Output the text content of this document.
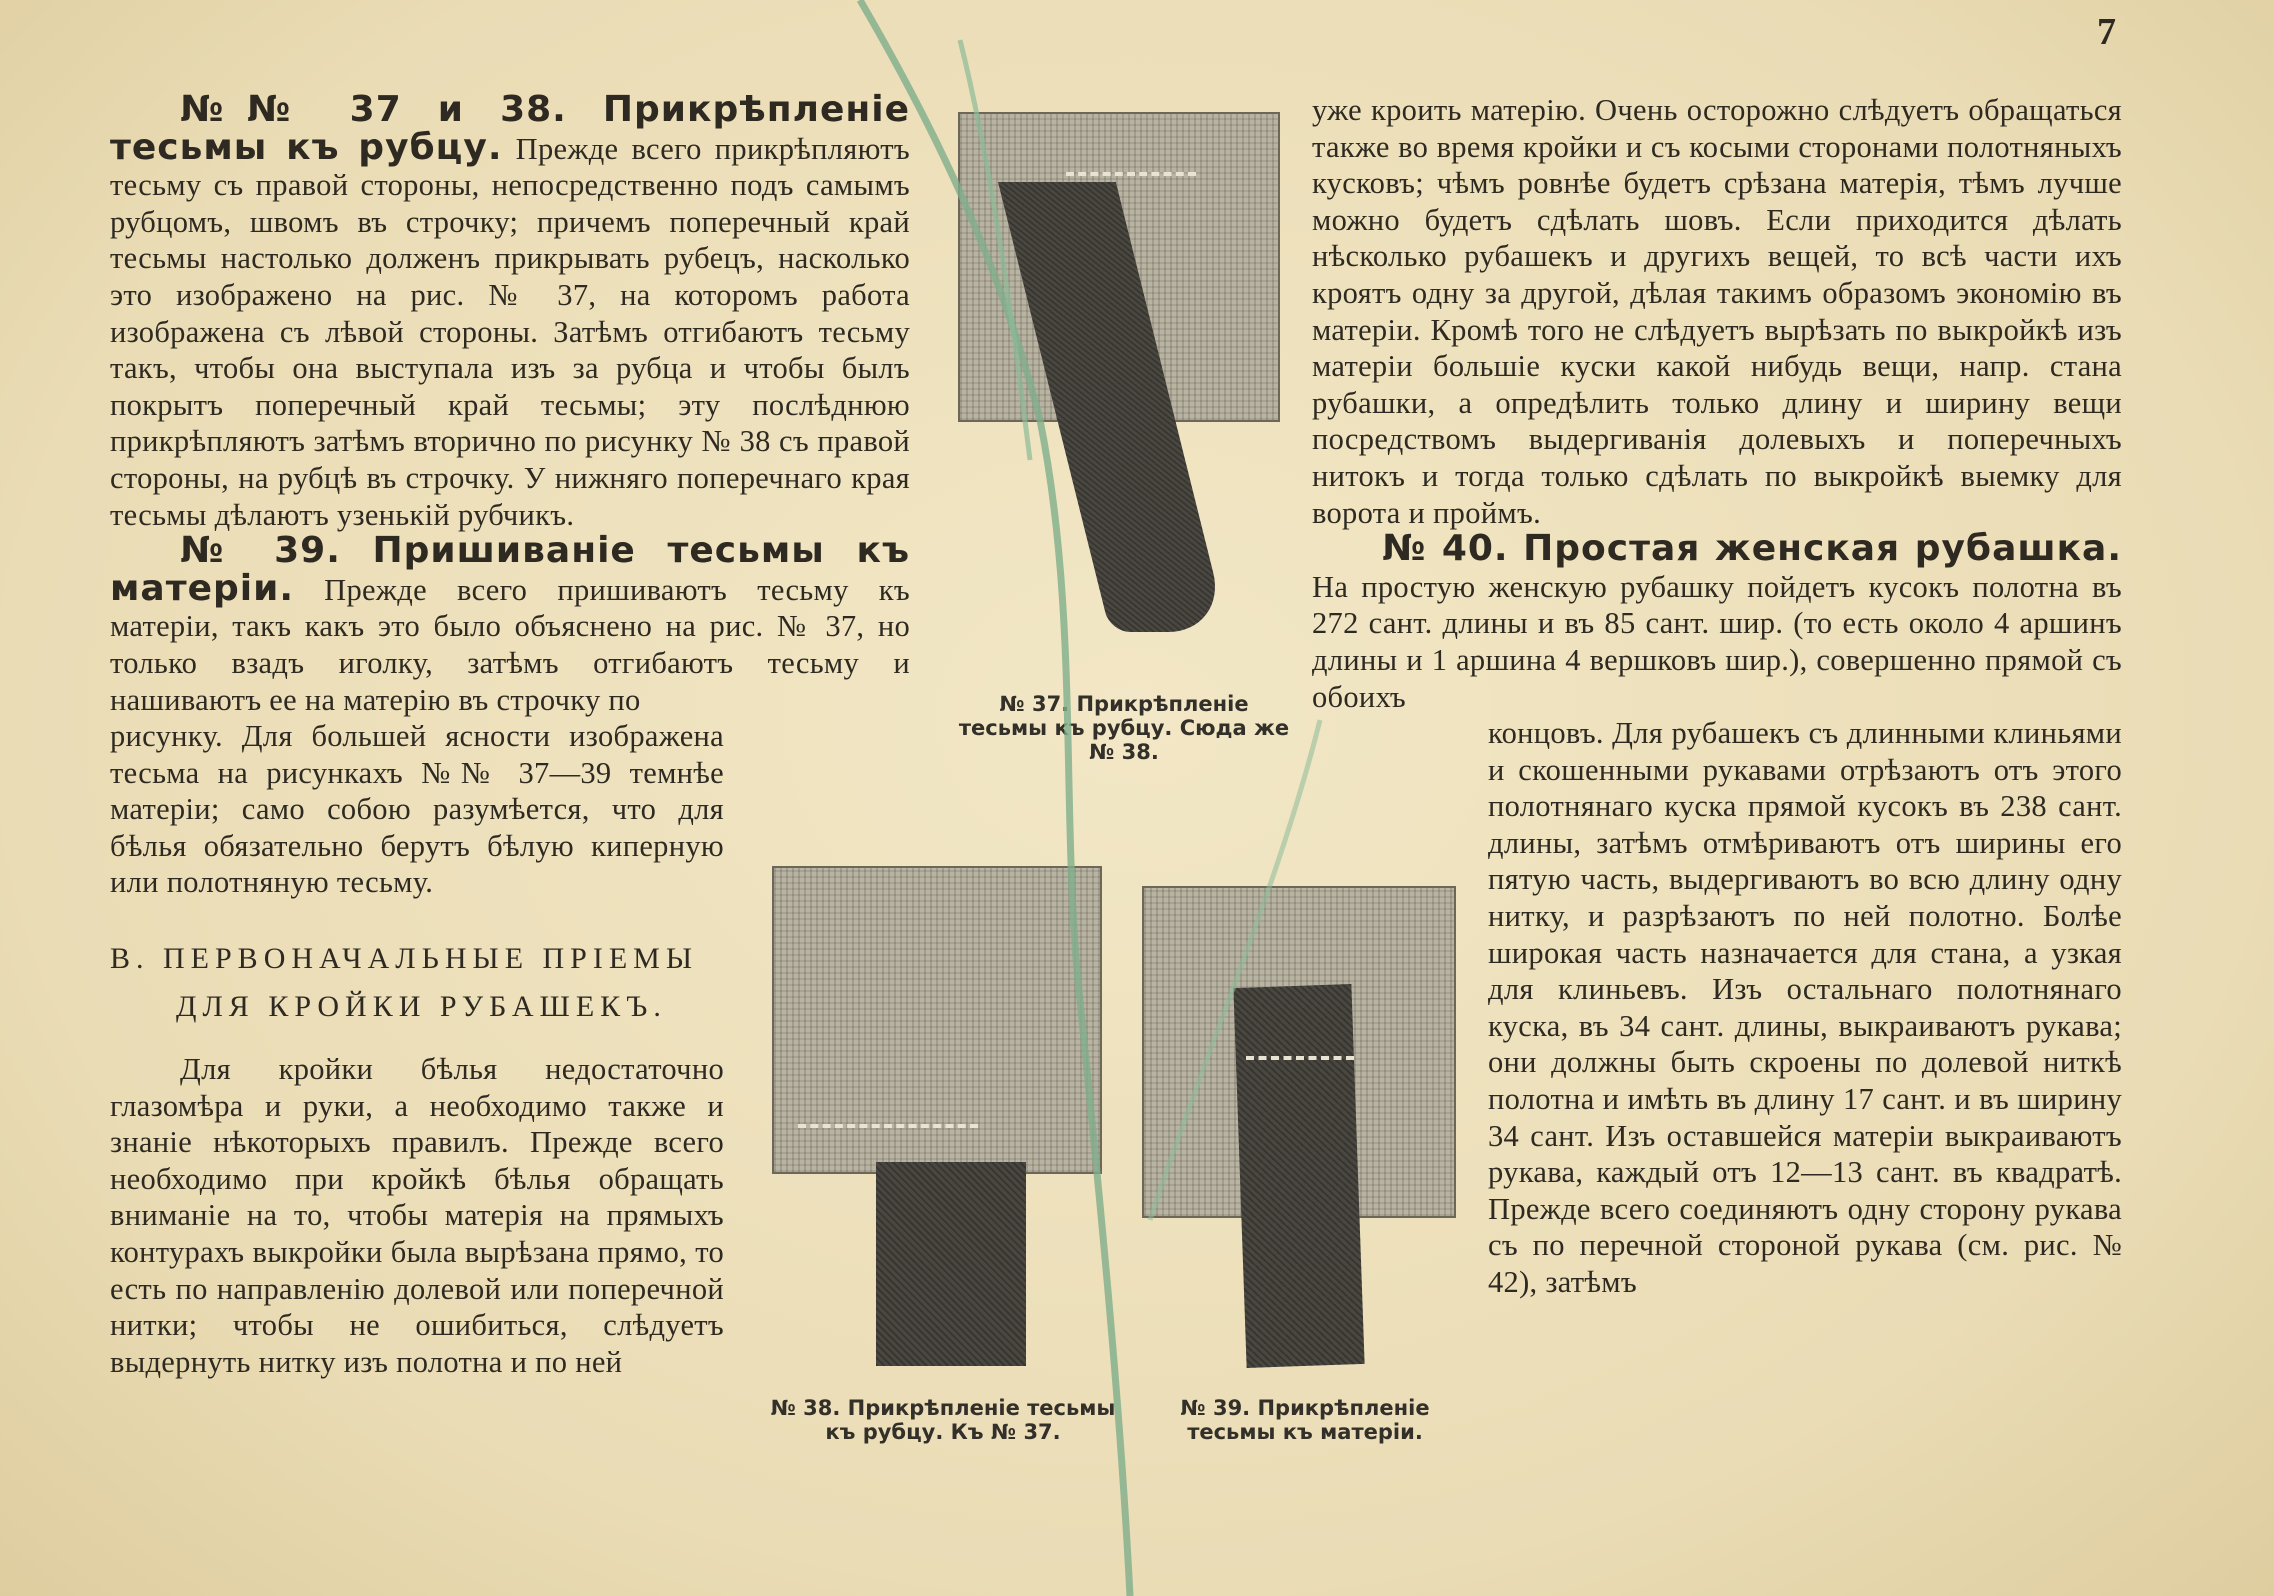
7

№№ 37 и 38. Прикрѣпленіе тесьмы къ рубцу. Прежде всего прикрѣпляютъ тесьму съ правой стороны, непосредственно подъ самымъ рубцомъ, швомъ въ строчку; причемъ поперечный край тесьмы настолько долженъ прикрывать рубецъ, насколько это изображено на рис. № 37, на которомъ работа изображена съ лѣвой стороны. Затѣмъ отгибаютъ тесьму такъ, чтобы она выступала изъ за рубца и чтобы былъ покрытъ поперечный край тесьмы; эту послѣднюю прикрѣпляютъ затѣмъ вторично по рисунку № 38 съ правой стороны, на рубцѣ въ строчку. У нижняго поперечнаго края тесьмы дѣлаютъ узенькій рубчикъ.

№ 39. Пришиваніе тесьмы къ матеріи. Прежде всего пришиваютъ тесьму къ матеріи, такъ какъ это было объяснено на рис. № 37, но только взадъ иголку, затѣмъ отгибаютъ тесьму и нашиваютъ ее на матерію въ строчку по

рисунку. Для большей ясности изображена тесьма на рисункахъ №№ 37—39 темнѣе матеріи; само собою разумѣется, что для бѣлья обязательно берутъ бѣлую киперную или полотняную тесьму.

B. ПЕРВОНАЧАЛЬНЫЕ ПРІЕМЫ
ДЛЯ КРОЙКИ РУБАШЕКЪ.

Для кройки бѣлья недостаточно глазомѣра и руки, а необходимо также и знаніе нѣкоторыхъ правилъ. Прежде всего необходимо при кройкѣ бѣлья обращать вниманіе на то, чтобы матерія на прямыхъ контурахъ выкройки была вырѣзана прямо, то есть по направленію долевой или поперечной нитки; чтобы не ошибиться, слѣдуетъ выдернуть нитку изъ полотна и по ней

уже кроить матерію. Очень осторожно слѣдуетъ обращаться также во время кройки и съ косыми сторонами полотняныхъ кусковъ; чѣмъ ровнѣе будетъ срѣзана матерія, тѣмъ лучше можно будетъ сдѣлать шовъ. Если приходится дѣлать нѣсколько рубашекъ и другихъ вещей, то всѣ части ихъ кроятъ одну за другой, дѣлая такимъ образомъ экономію въ матеріи. Кромѣ того не слѣдуетъ вырѣзать по выкройкѣ изъ матеріи большіе куски какой нибудь вещи, напр. стана рубашки, а опредѣлить только длину и ширину вещи посредствомъ выдергиванія долевыхъ и поперечныхъ нитокъ и тогда только сдѣлать по выкройкѣ выемку для ворота и проймъ.

№ 40. Простая женская рубашка. На простую женскую рубашку пойдетъ кусокъ полотна въ 272 сант. длины и въ 85 сант. шир. (то есть около 4 аршинъ длины и 1 аршина 4 вершковъ шир.), совершенно прямой съ обоихъ

концовъ. Для рубашекъ съ длинными клиньями и скошенными рукавами отрѣзаютъ отъ этого полотнянаго куска прямой кусокъ въ 238 сант. длины, затѣмъ отмѣриваютъ отъ ширины его пятую часть, выдергиваютъ во всю длину одну нитку, и разрѣзаютъ по ней полотно. Болѣе широкая часть назначается для стана, а узкая для клиньевъ. Изъ остальнаго полотнянаго куска, въ 34 сант. длины, выкраиваютъ рукава; они должны быть скроены по долевой ниткѣ полотна и имѣть въ длину 17 сант. и въ ширину 34 сант. Изъ оставшейся матеріи выкраиваютъ рукава, каждый отъ 12—13 сант. въ квадратѣ. Прежде всего соединяютъ одну сторону рукава съ по перечной стороной рукава (см. рис. № 42), затѣмъ

№ 37. Прикрѣпленіе тесьмы къ рубцу. Сюда же № 38.
№ 38. Прикрѣпленіе тесьмы къ рубцу. Къ № 37.
№ 39. Прикрѣпленіе тесьмы къ матеріи.
